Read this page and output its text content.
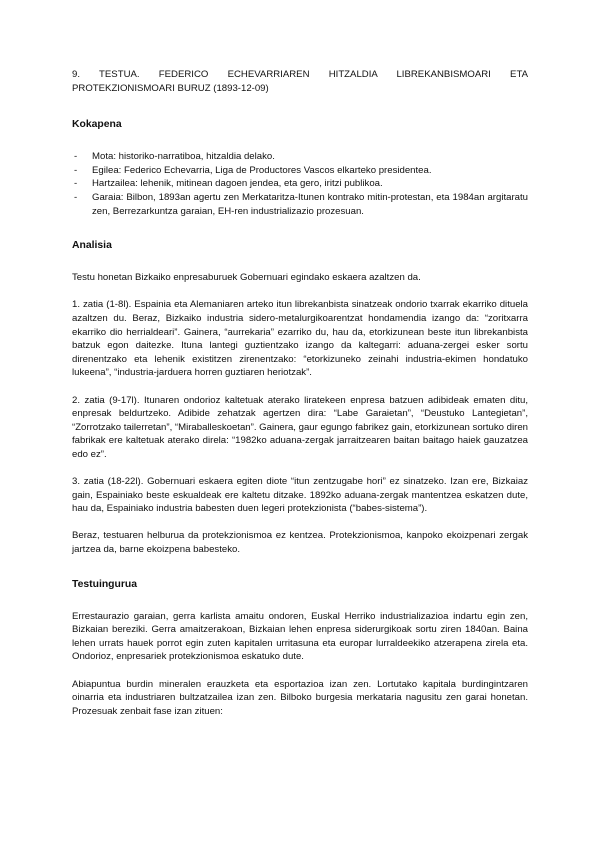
9. TESTUA. FEDERICO ECHEVARRIAREN HITZALDIA LIBREKANBISMOARI ETA PROTEKZIONISMOARI BURUZ (1893-12-09)
Kokapena
- Mota: historiko-narratiboa, hitzaldia delako.
- Egilea: Federico Echevarria, Liga de Productores Vascos elkarteko presidentea.
- Hartzailea: lehenik, mitinean dagoen jendea, eta gero, iritzi publikoa.
- Garaia: Bilbon, 1893an agertu zen Merkataritza-Itunen kontrako mitin-protestan, eta 1984an argitaratu zen, Berrezarkuntza garaian, EH-ren industrializazio prozesuan.
Analisia

Testu honetan Bizkaiko enpresaburuek Gobernuari egindako eskaera azaltzen da.

1. zatia (1-8l). Espainia eta Alemaniaren arteko itun librekanbista sinatzeak ondorio txarrak ekarriko dituela azaltzen du. Beraz, Bizkaiko industria sidero-metalurgikoarentzat hondamendia izango da: “zoritxarra ekarriko dio herrialdeari”. Gainera, “aurrekaria” ezarriko du, hau da, etorkizunean beste itun librekanbista batzuk egon daitezke. Ituna lantegi guztientzako izango da kaltegarri: aduana-zergei esker sortu direnentzako eta lehenik existitzen zirenentzako: “etorkizuneko zeinahi industria-ekimen hondatuko lukeena”, “industria-jarduera horren guztiaren heriotzak”.

2. zatia (9-17l). Itunaren ondorioz kaltetuak aterako liratekeen enpresa batzuen adibideak ematen ditu, enpresak beldurtzeko. Adibide zehatzak agertzen dira: “Labe Garaietan”, “Deustuko Lantegietan”, “Zorrotzako tailerretan”, “Miraballeskoetan”. Gainera, gaur egungo fabrikez gain, etorkizunean sortuko diren fabrikak ere kaltetuak aterako direla: “1982ko aduana-zergak jarraitzearen baitan baitago haiek gauzatzea edo ez”.

3. zatia (18-22l). Gobernuari eskaera egiten diote “itun zentzugabe hori” ez sinatzeko. Izan ere, Bizkaiaz gain, Espainiako beste eskualdeak ere kaltetu ditzake. 1892ko aduana-zergak mantentzea eskatzen dute, hau da, Espainiako industria babesten duen legeri protekzionista (“babes-sistema”).

Beraz, testuaren helburua da protekzionismoa ez kentzea. Protekzionismoa, kanpoko ekoizpenari zergak jartzea da, barne ekoizpena babesteko.

Testuingurua

Errestaurazio garaian, gerra karlista amaitu ondoren, Euskal Herriko industrializazioa indartu egin zen, Bizkaian bereziki. Gerra amaitzerakoan, Bizkaian lehen enpresa siderurgikoak sortu ziren 1840an. Baina lehen urrats hauek porrot egin zuten kapitalen urritasuna eta europar lurraldeekiko atzerapena zirela eta. Ondorioz, enpresariek protekzionismoa eskatuko dute.

Abiapuntua burdin mineralen erauzketa eta esportazioa izan zen. Lortutako kapitala burdingintzaren oinarria eta industriaren bultzatzailea izan zen. Bilboko burgesia merkataria nagusitu zen garai honetan. Prozesuak zenbait fase izan zituen:
